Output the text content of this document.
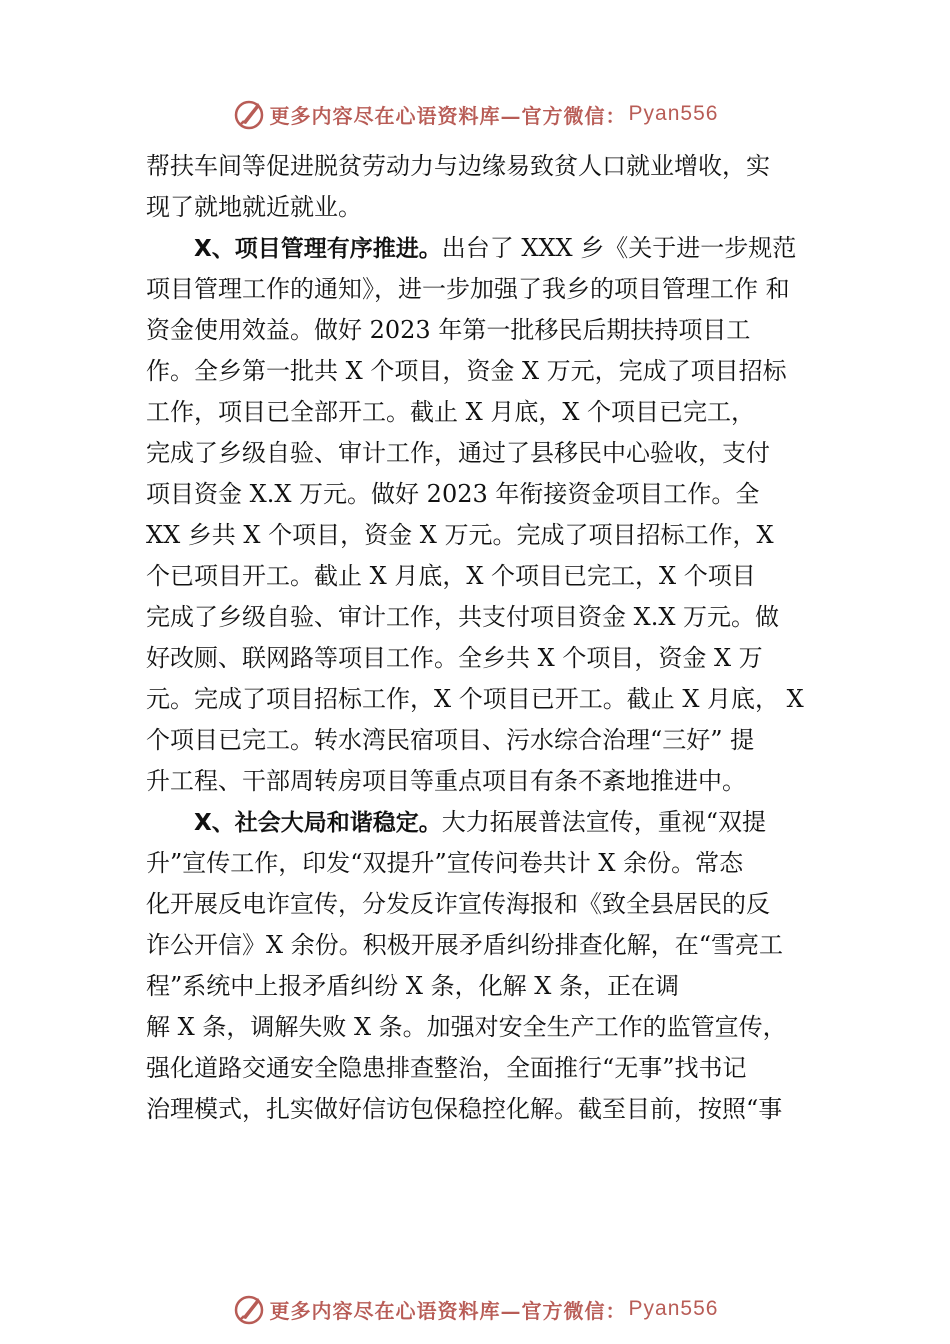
更多内容尽在心语资料库—官方微信： Pyan556
帮扶车间等促进脱贫劳动力与边缘易致贫人口就业增收，实
现了就地就近就业。
X、项目管理有序推进。出台了 XXX 乡《关于进一步规范
项目管理工作的通知》，进一步加强了我乡的项目管理工作 和
资金使用效益。做好 2023 年第一批移民后期扶持项目工
作。全乡第一批共 X 个项目，资金 X 万元，完成了项目招标
工作，项目已全部开工。截止 X 月底，X 个项目已完工，
完成了乡级自验、审计工作，通过了县移民中心验收，支付
项目资金 X.X 万元。做好 2023 年衔接资金项目工作。全
XX 乡共 X 个项目，资金 X 万元。完成了项目招标工作，X
个已项目开工。截止 X 月底，X 个项目已完工，X 个项目
完成了乡级自验、审计工作，共支付项目资金 X.X 万元。做
好改厕、联网路等项目工作。全乡共 X 个项目，资金 X 万
元。完成了项目招标工作，X 个项目已开工。截止 X 月底， X
个项目已完工。转水湾民宿项目、污水综合治理“三好” 提
升工程、干部周转房项目等重点项目有条不紊地推进中。
X、社会大局和谐稳定。大力拓展普法宣传，重视“双提
升”宣传工作，印发“双提升”宣传问卷共计 X 余份。常态
化开展反电诈宣传，分发反诈宣传海报和《致全县居民的反
诈公开信》X 余份。积极开展矛盾纠纷排查化解，在“雪亮工
程”系统中上报矛盾纠纷 X 条，化解 X 条，正在调
解 X 条，调解失败 X 条。加强对安全生产工作的监管宣传，
强化道路交通安全隐患排查整治，全面推行“无事”找书记
治理模式，扎实做好信访包保稳控化解。截至目前，按照“事
更多内容尽在心语资料库—官方微信： Pyan556
